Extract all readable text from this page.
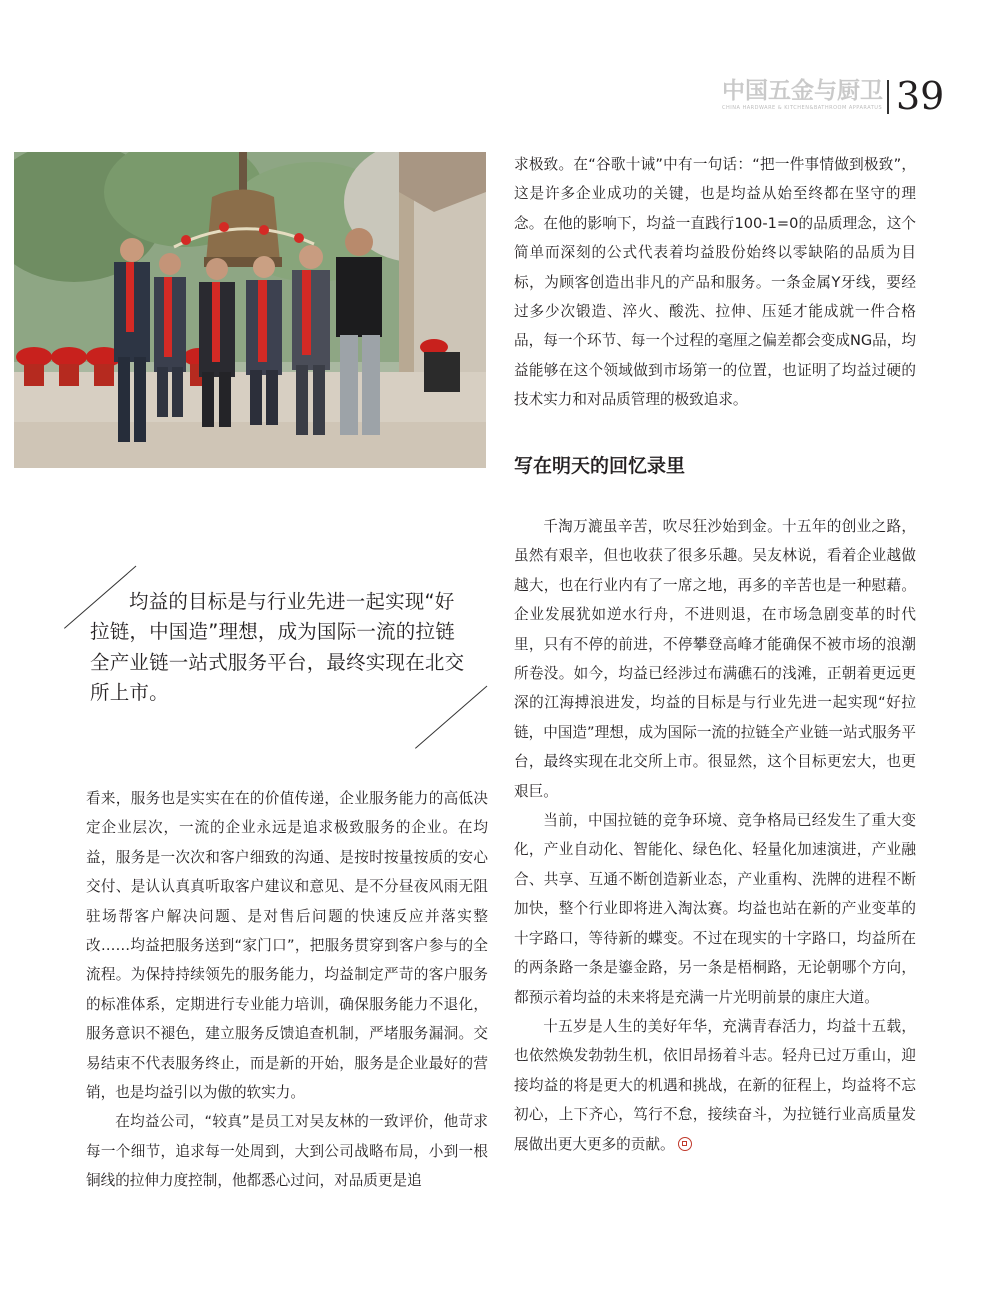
中国五金与厨卫
CHINA HARDWARE & KITCHEN&BATHROOM APPARATUS 39

求极致。在“谷歌十诫”中有一句话：“把一件事情做到极致”，这是许多企业成功的关键，也是均益从始至终都在坚守的理念。在他的影响下，均益一直践行100-1=0的品质理念，这个简单而深刻的公式代表着均益股份始终以零缺陷的品质为目标，为顾客创造出非凡的产品和服务。一条金属Y牙线，要经过多少次锻造、淬火、酸洗、拉伸、压延才能成就一件合格品，每一个环节、每一个过程的毫厘之偏差都会变成NG品，均益能够在这个领域做到市场第一的位置，也证明了均益过硬的技术实力和对品质管理的极致追求。

写在明天的回忆录里

千淘万漉虽辛苦，吹尽狂沙始到金。十五年的创业之路，虽然有艰辛，但也收获了很多乐趣。吴友林说，看着企业越做越大，也在行业内有了一席之地，再多的辛苦也是一种慰藉。企业发展犹如逆水行舟，不进则退，在市场急剧变革的时代里，只有不停的前进，不停攀登高峰才能确保不被市场的浪潮所卷没。如今，均益已经涉过布满礁石的浅滩，正朝着更远更深的江海搏浪进发，均益的目标是与行业先进一起实现“好拉链，中国造”理想，成为国际一流的拉链全产业链一站式服务平台，最终实现在北交所上市。很显然，这个目标更宏大，也更艰巨。

当前，中国拉链的竞争环境、竞争格局已经发生了重大变化，产业自动化、智能化、绿色化、轻量化加速演进，产业融合、共享、互通不断创造新业态，产业重构、洗牌的进程不断加快，整个行业即将进入淘汰赛。均益也站在新的产业变革的十字路口，等待新的蝶变。不过在现实的十字路口，均益所在的两条路一条是鎏金路，另一条是梧桐路，无论朝哪个方向，都预示着均益的未来将是充满一片光明前景的康庄大道。

十五岁是人生的美好年华，充满青春活力，均益十五载，也依然焕发勃勃生机，依旧昂扬着斗志。轻舟已过万重山，迎接均益的将是更大的机遇和挑战，在新的征程上，均益将不忘初心，上下齐心，笃行不怠，接续奋斗，为拉链行业高质量发展做出更大更多的贡献。

均益的目标是与行业先进一起实现“好拉链，中国造”理想，成为国际一流的拉链全产业链一站式服务平台，最终实现在北交所上市。

看来，服务也是实实在在的价值传递，企业服务能力的高低决定企业层次，一流的企业永远是追求极致服务的企业。在均益，服务是一次次和客户细致的沟通、是按时按量按质的安心交付、是认认真真听取客户建议和意见、是不分昼夜风雨无阻驻场帮客户解决问题、是对售后问题的快速反应并落实整改……均益把服务送到“家门口”，把服务贯穿到客户参与的全流程。为保持持续领先的服务能力，均益制定严苛的客户服务的标准体系，定期进行专业能力培训，确保服务能力不退化，服务意识不褪色，建立服务反馈追查机制，严堵服务漏洞。交易结束不代表服务终止，而是新的开始，服务是企业最好的营销，也是均益引以为傲的软实力。

在均益公司，“较真”是员工对吴友林的一致评价，他苛求每一个细节，追求每一处周到，大到公司战略布局，小到一根铜线的拉伸力度控制，他都悉心过问，对品质更是追
